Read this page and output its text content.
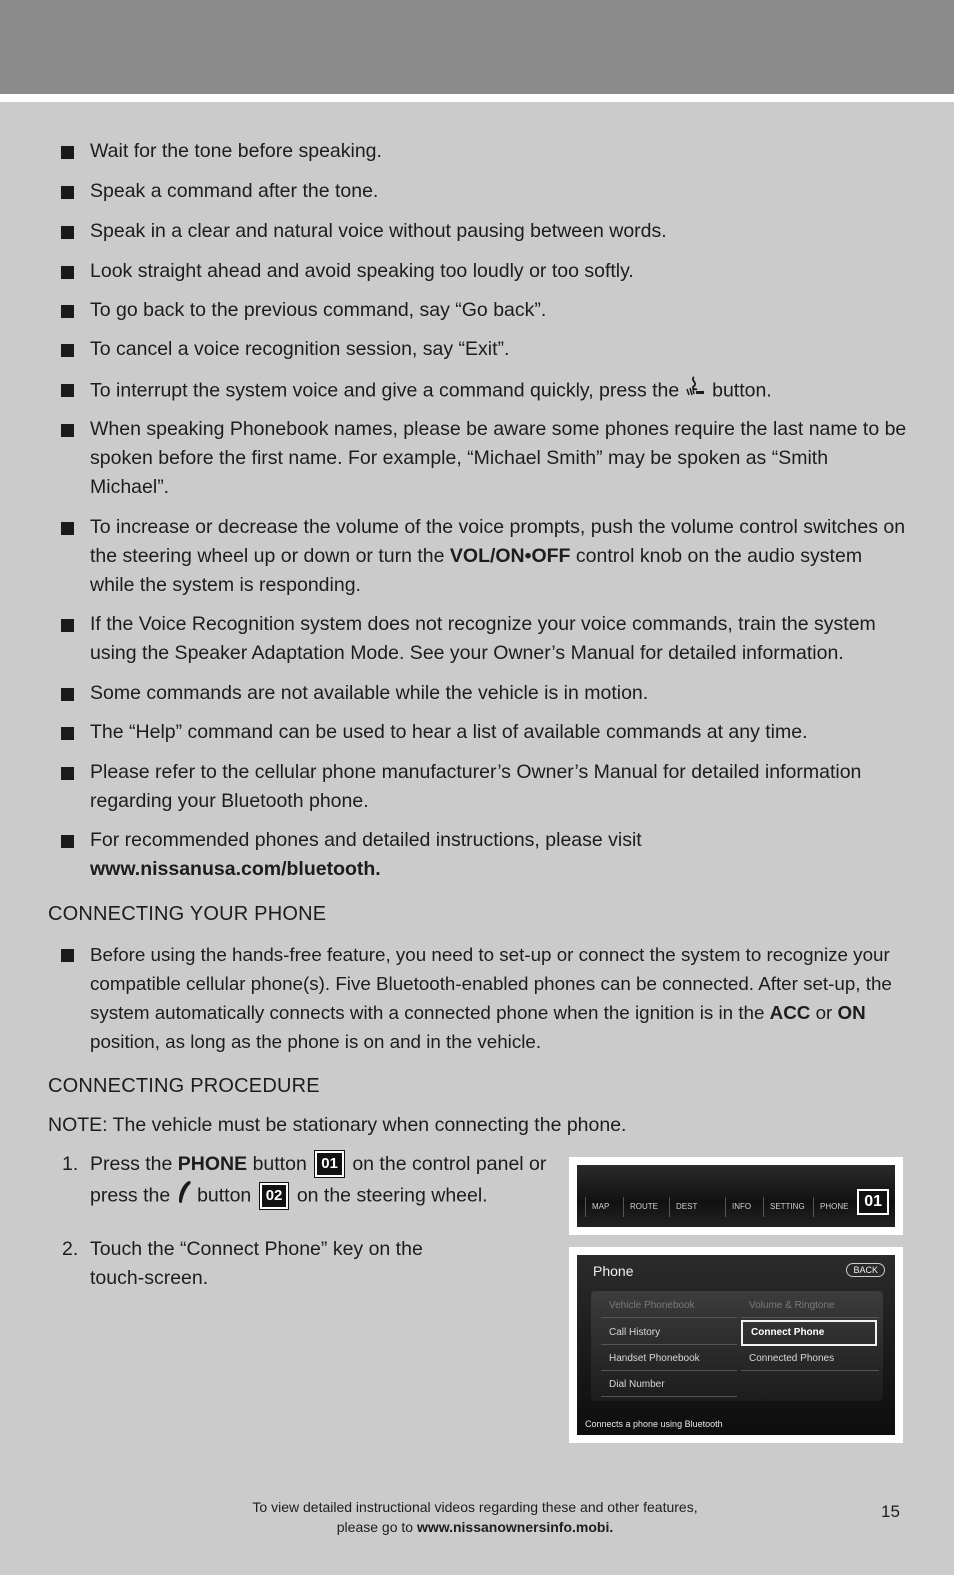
Wait for the tone before speaking.
Speak a command after the tone.
Speak in a clear and natural voice without pausing between words.
Look straight ahead and avoid speaking too loudly or too softly.
To go back to the previous command, say “Go back”.
To cancel a voice recognition session, say “Exit”.
To interrupt the system voice and give a command quickly, press the button.
When speaking Phonebook names, please be aware some phones require the last name to be spoken before the first name. For example, “Michael Smith” may be spoken as “Smith Michael”.
To increase or decrease the volume of the voice prompts, push the volume control switches on the steering wheel up or down or turn the VOL/ON•OFF control knob on the audio system while the system is responding.
If the Voice Recognition system does not recognize your voice commands, train the system using the Speaker Adaptation Mode. See your Owner’s Manual for detailed information.
Some commands are not available while the vehicle is in motion.
The “Help” command can be used to hear a list of available commands at any time.
Please refer to the cellular phone manufacturer’s Owner’s Manual for detailed information regarding your Bluetooth phone.
For recommended phones and detailed instructions, please visit
www.nissanusa.com/bluetooth.
CONNECTING YOUR PHONE
Before using the hands-free feature, you need to set-up or connect the system to recognize your compatible cellular phone(s). Five Bluetooth-enabled phones can be connected. After set-up, the system automatically connects with a connected phone when the ignition is in the ACC or ON position, as long as the phone is on and in the vehicle.
CONNECTING PROCEDURE
NOTE: The vehicle must be stationary when connecting the phone.
1. Press the PHONE button 01 on the control panel or press the button 02 on the steering wheel.
2. Touch the “Connect Phone” key on the touch-screen.
MAP	ROUTE	DEST	INFO	SETTING	PHONE 01
Phone	BACK
Vehicle Phonebook
Call History
Handset Phonebook
Dial Number
Volume & Ringtone
Connect Phone
Connected Phones
Connects a phone using Bluetooth
To view detailed instructional videos regarding these and other features,
please go to www.nissanownersinfo.mobi.
15
